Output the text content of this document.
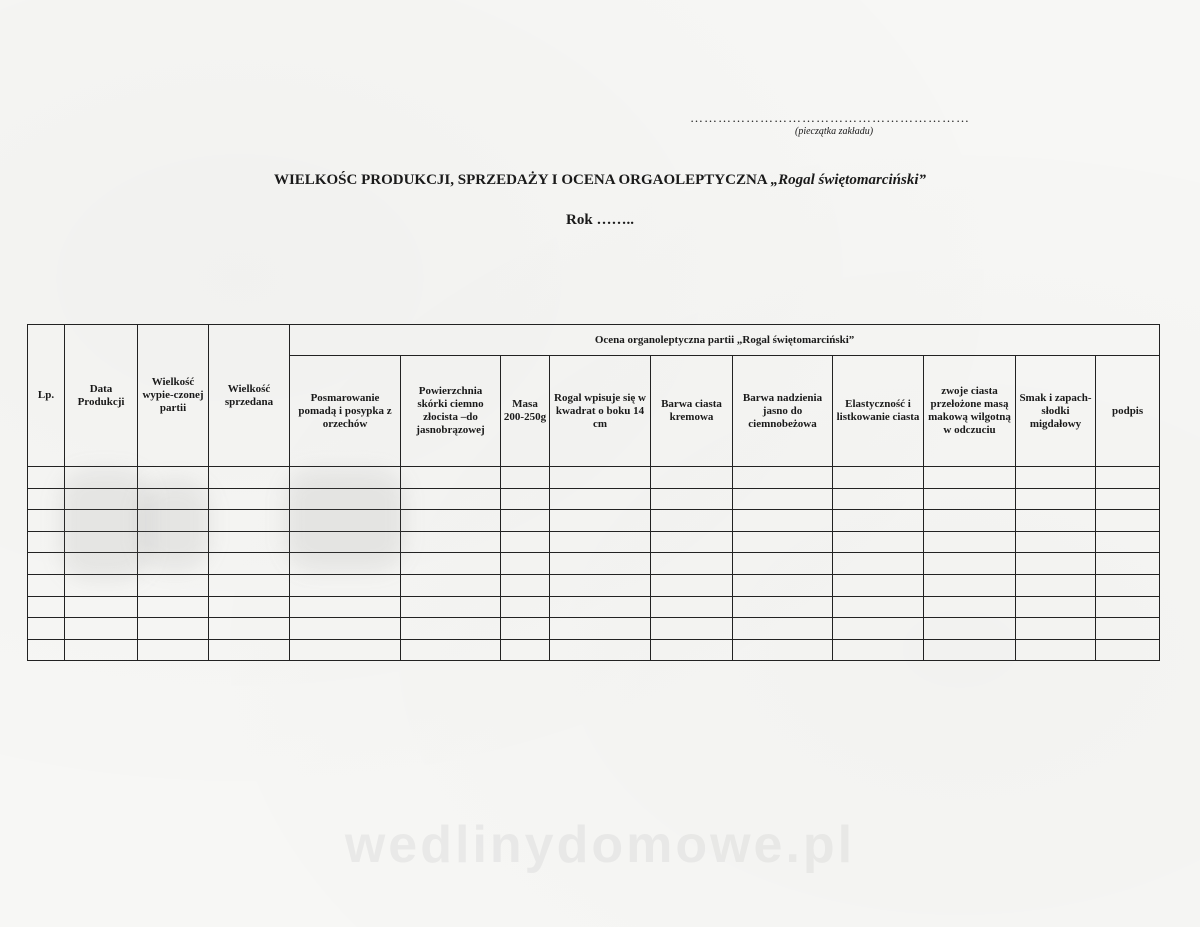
……………………………………………………
(pieczątka zakładu)
WIELKOŚC PRODUKCJI, SPRZEDAŻY I OCENA ORGAOLEPTYCZNA „Rogal świętomarciński”
Rok ……..
Lp.	Data Produkcji	Wielkość wypie-czonej partii	Wielkość sprzedana	Ocena organoleptyczna partii „Rogal świętomarciński”									
				Posmarowanie pomadą i posypka z orzechów	Powierzchnia skórki ciemno złocista –do jasnobrązowej	Masa 200-250g	Rogal wpisuje się w kwadrat o boku 14 cm	Barwa ciasta kremowa	Barwa nadzienia jasno do ciemnobeżowa	Elastyczność i listkowanie ciasta	zwoje ciasta przełożone masą makową wilgotną w odczuciu	Smak i zapach-słodki migdałowy	podpis

wedlinydomowe.pl
